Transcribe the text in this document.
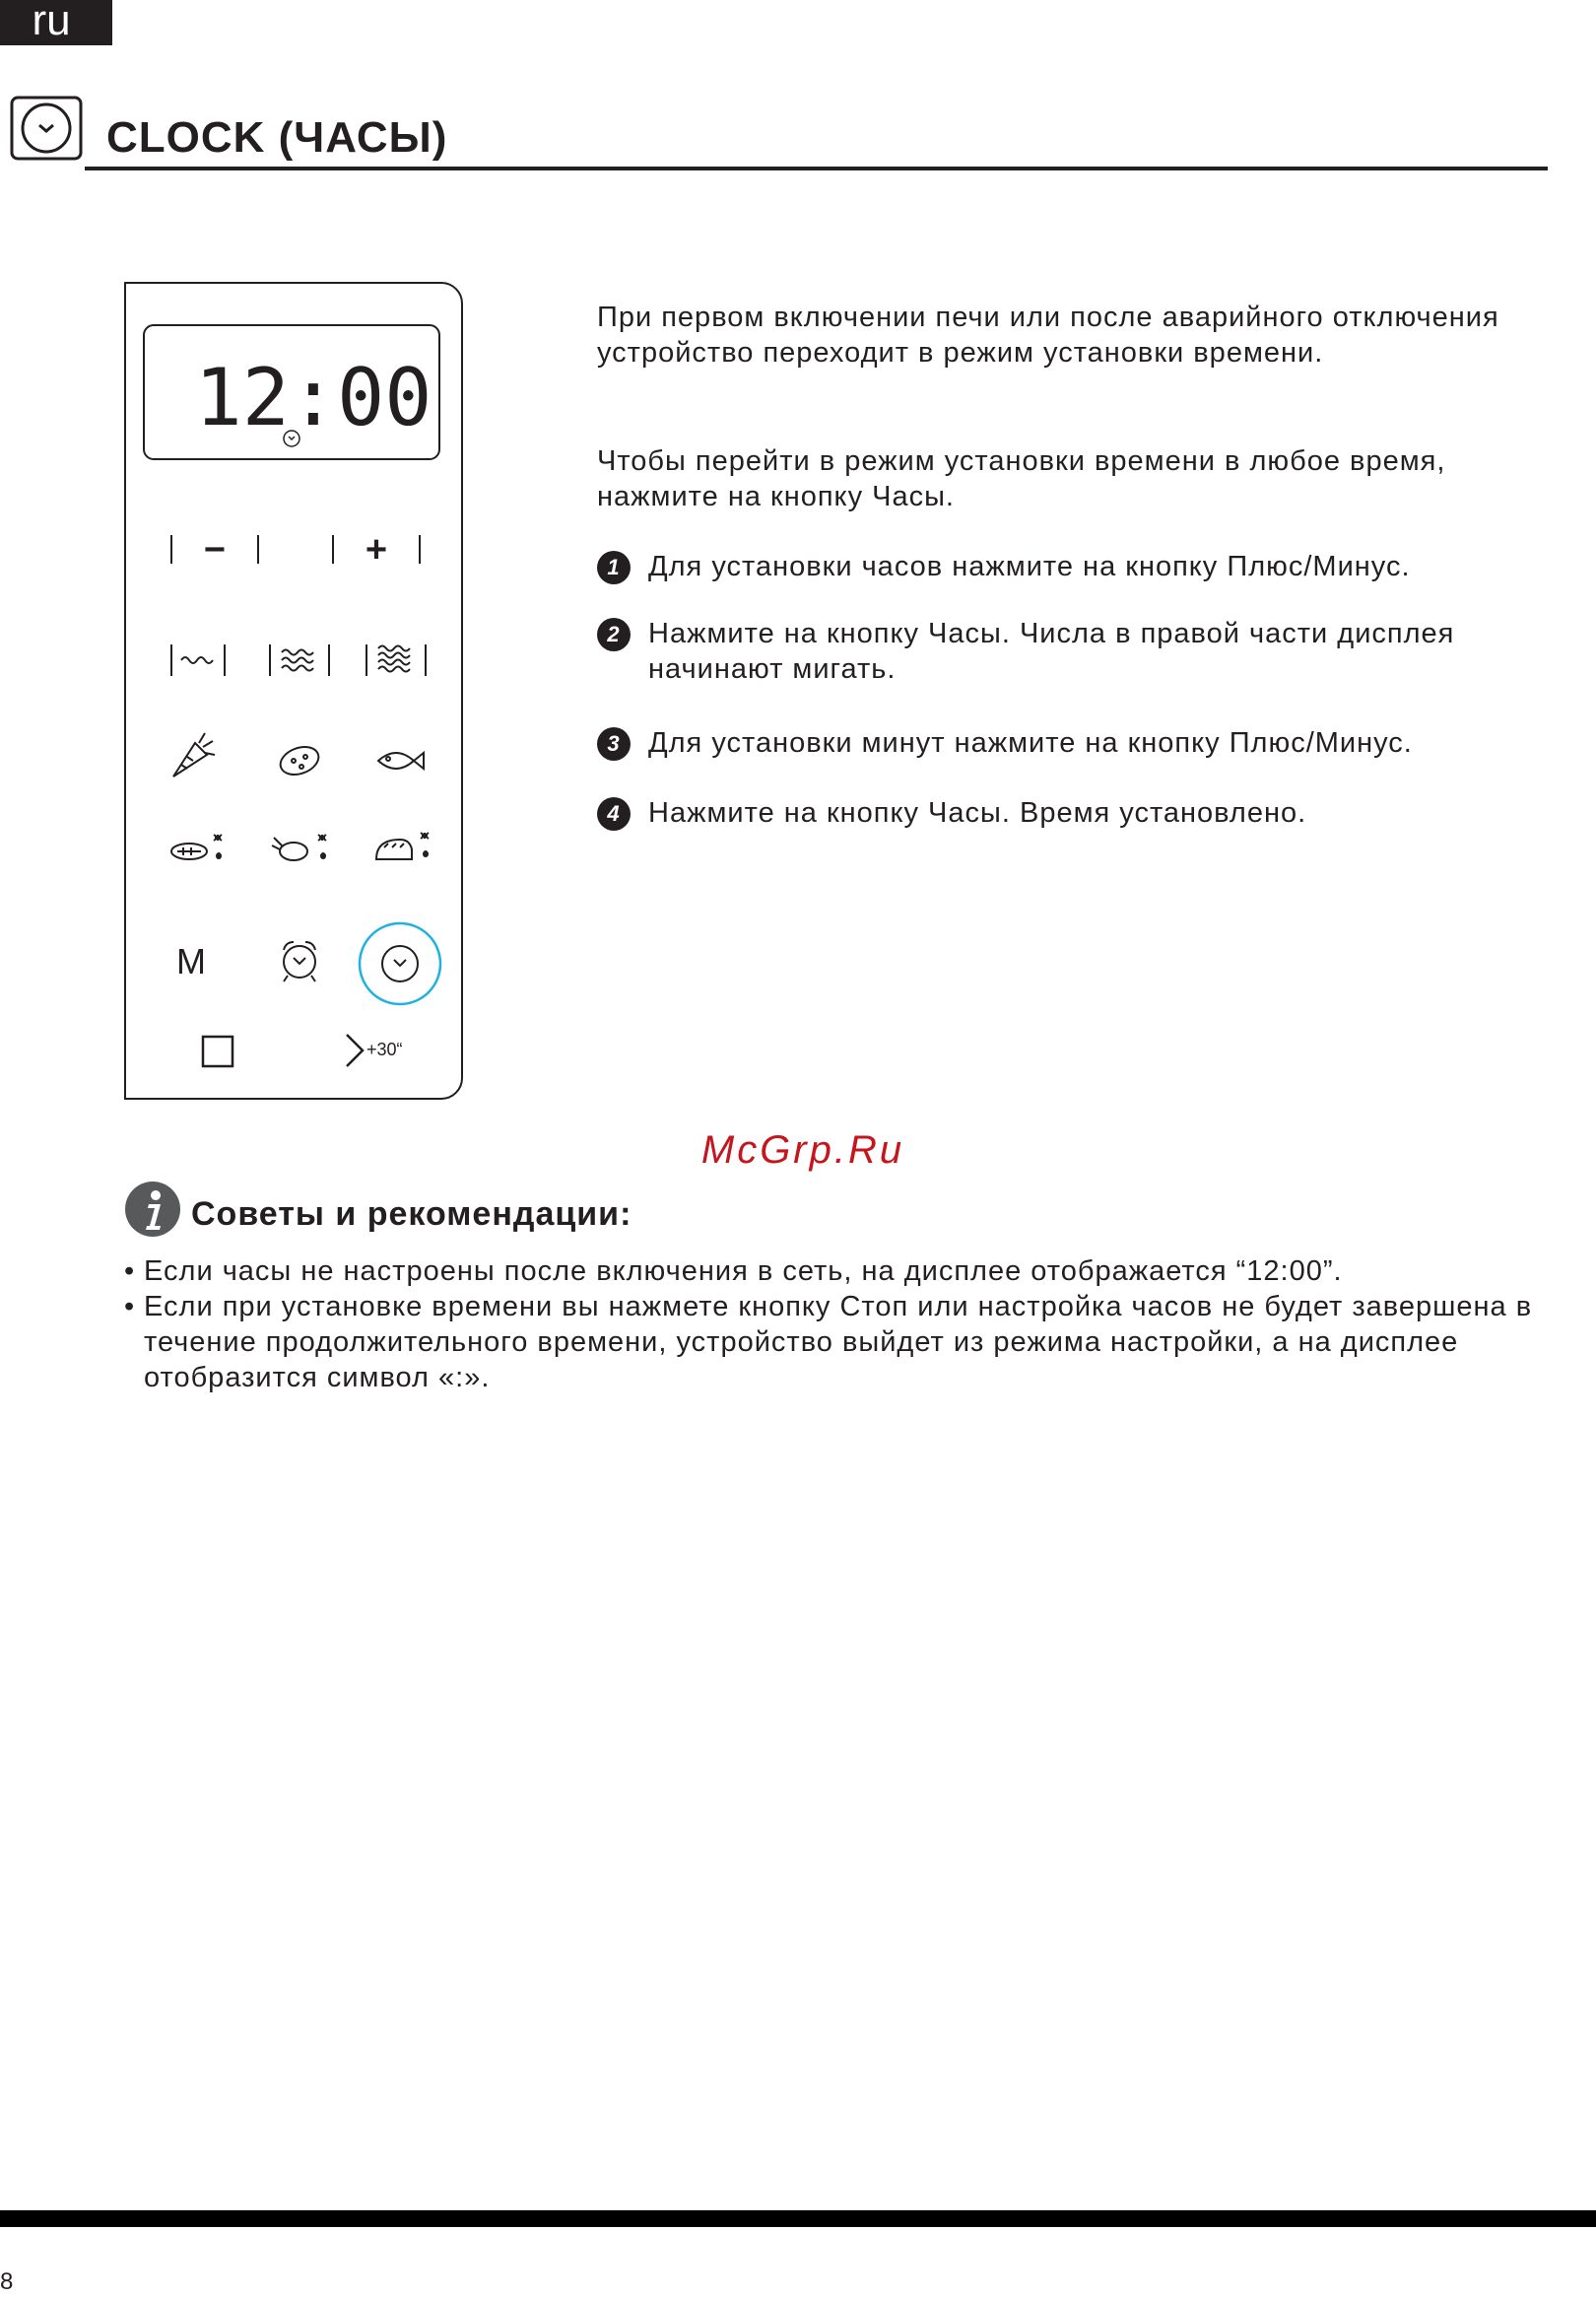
ru
CLOCK (ЧАСЫ)
12:00
−	+
M
+30“

При первом включении печи или после аварийного отключения устройство переходит в режим установки времени.

Чтобы перейти в режим установки времени в любое время, нажмите на кнопку Часы.

1 Для установки часов нажмите на кнопку Плюс/Минус.
2 Нажмите на кнопку Часы. Числа в правой части дисплея начинают мигать.
3 Для установки минут нажмите на кнопку Плюс/Минус.
4 Нажмите на кнопку Часы. Время установлено.
McGrp.Ru
Советы и рекомендации:
• Если часы не настроены после включения в сеть, на дисплее отображается “12:00”.
• Если при установке времени вы нажмете кнопку Стоп или настройка часов не будет завершена в течение продолжительного времени, устройство выйдет из режима настройки, а на дисплее отобразится символ «:».
8
